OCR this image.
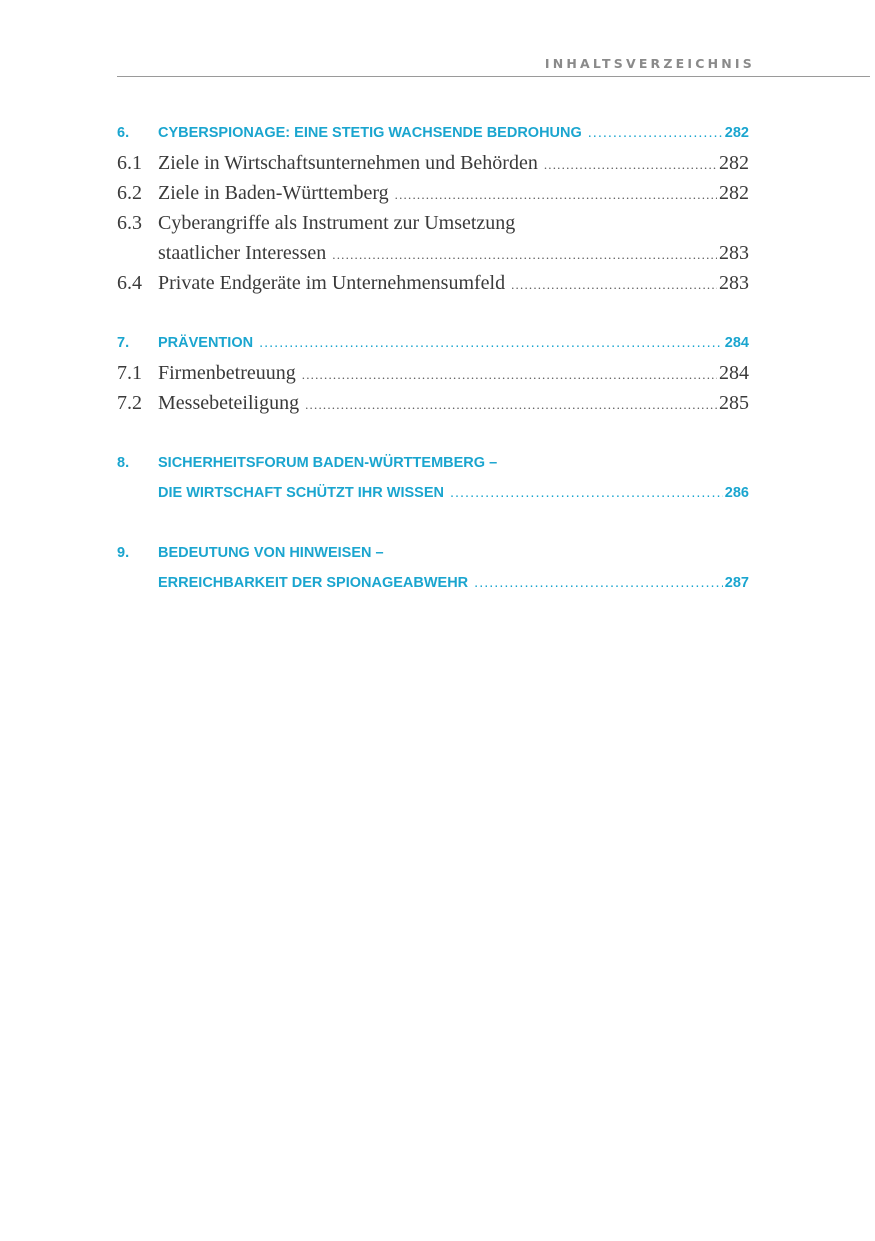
INHALTSVERZEICHNIS
6. CYBERSPIONAGE: EINE STETIG WACHSENDE BEDROHUNG .....	282
6.1 Ziele in Wirtschaftsunternehmen und Behörden .....	282
6.2 Ziele in Baden-Württemberg .....	282
6.3 Cyberangriffe als Instrument zur Umsetzung
staatlicher Interessen .....	283
6.4 Private Endgeräte im Unternehmensumfeld .....	283
7. PRÄVENTION .....	284
7.1 Firmenbetreuung .....	284
7.2 Messebeteiligung .....	285
8. SICHERHEITSFORUM BADEN-WÜRTTEMBERG –
DIE WIRTSCHAFT SCHÜTZT IHR WISSEN .....	286
9. BEDEUTUNG VON HINWEISEN –
ERREICHBARKEIT DER SPIONAGEABWEHR .....	287
